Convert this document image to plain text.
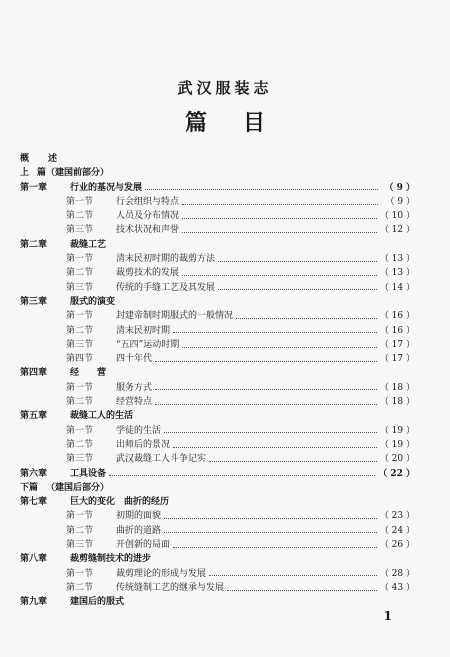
武汉服装志
篇目
概	述
上 篇（建国前部分）
第一章	行业的基况与发展	（ 9 ）
第一节	行会组织与特点	（ 9 ）
第二节	人员及分布情况	（ 10 ）
第三节	技术状况和声誉	（ 12 ）
第二章	裁缝工艺
第一节	清末民初时期的裁剪方法	（ 13 ）
第二节	裁剪技术的发展	（ 13 ）
第三节	传统的手缝工艺及其发展	（ 14 ）
第三章	服式的演变
第一节	封建帝制时期服式的一般情况	（ 16 ）
第二节	清末民初时期	（ 16 ）
第三节	“五四”运动时期	（ 17 ）
第四节	四十年代	（ 17 ）
第四章	经　　营
第一节	服务方式	（ 18 ）
第二节	经营特点	（ 18 ）
第五章	裁缝工人的生活
第一节	学徒的生活	（ 19 ）
第二节	出师后的景况	（ 19 ）
第三节	武汉裁缝工人斗争记实	（ 20 ）
第六章	工具设备	（ 22 ）
下篇 （建国后部分）
第七章	巨大的变化　曲折的经历
第一节	初期的面貌	（ 23 ）
第二节	曲折的道路	（ 24 ）
第三节	开创新的局面	（ 26 ）
第八章	裁剪缝制技术的进步
第一节	裁剪理论的形成与发展	（ 28 ）
第二节	传统缝制工艺的继承与发展	（ 43 ）
第九章	建国后的服式
1
